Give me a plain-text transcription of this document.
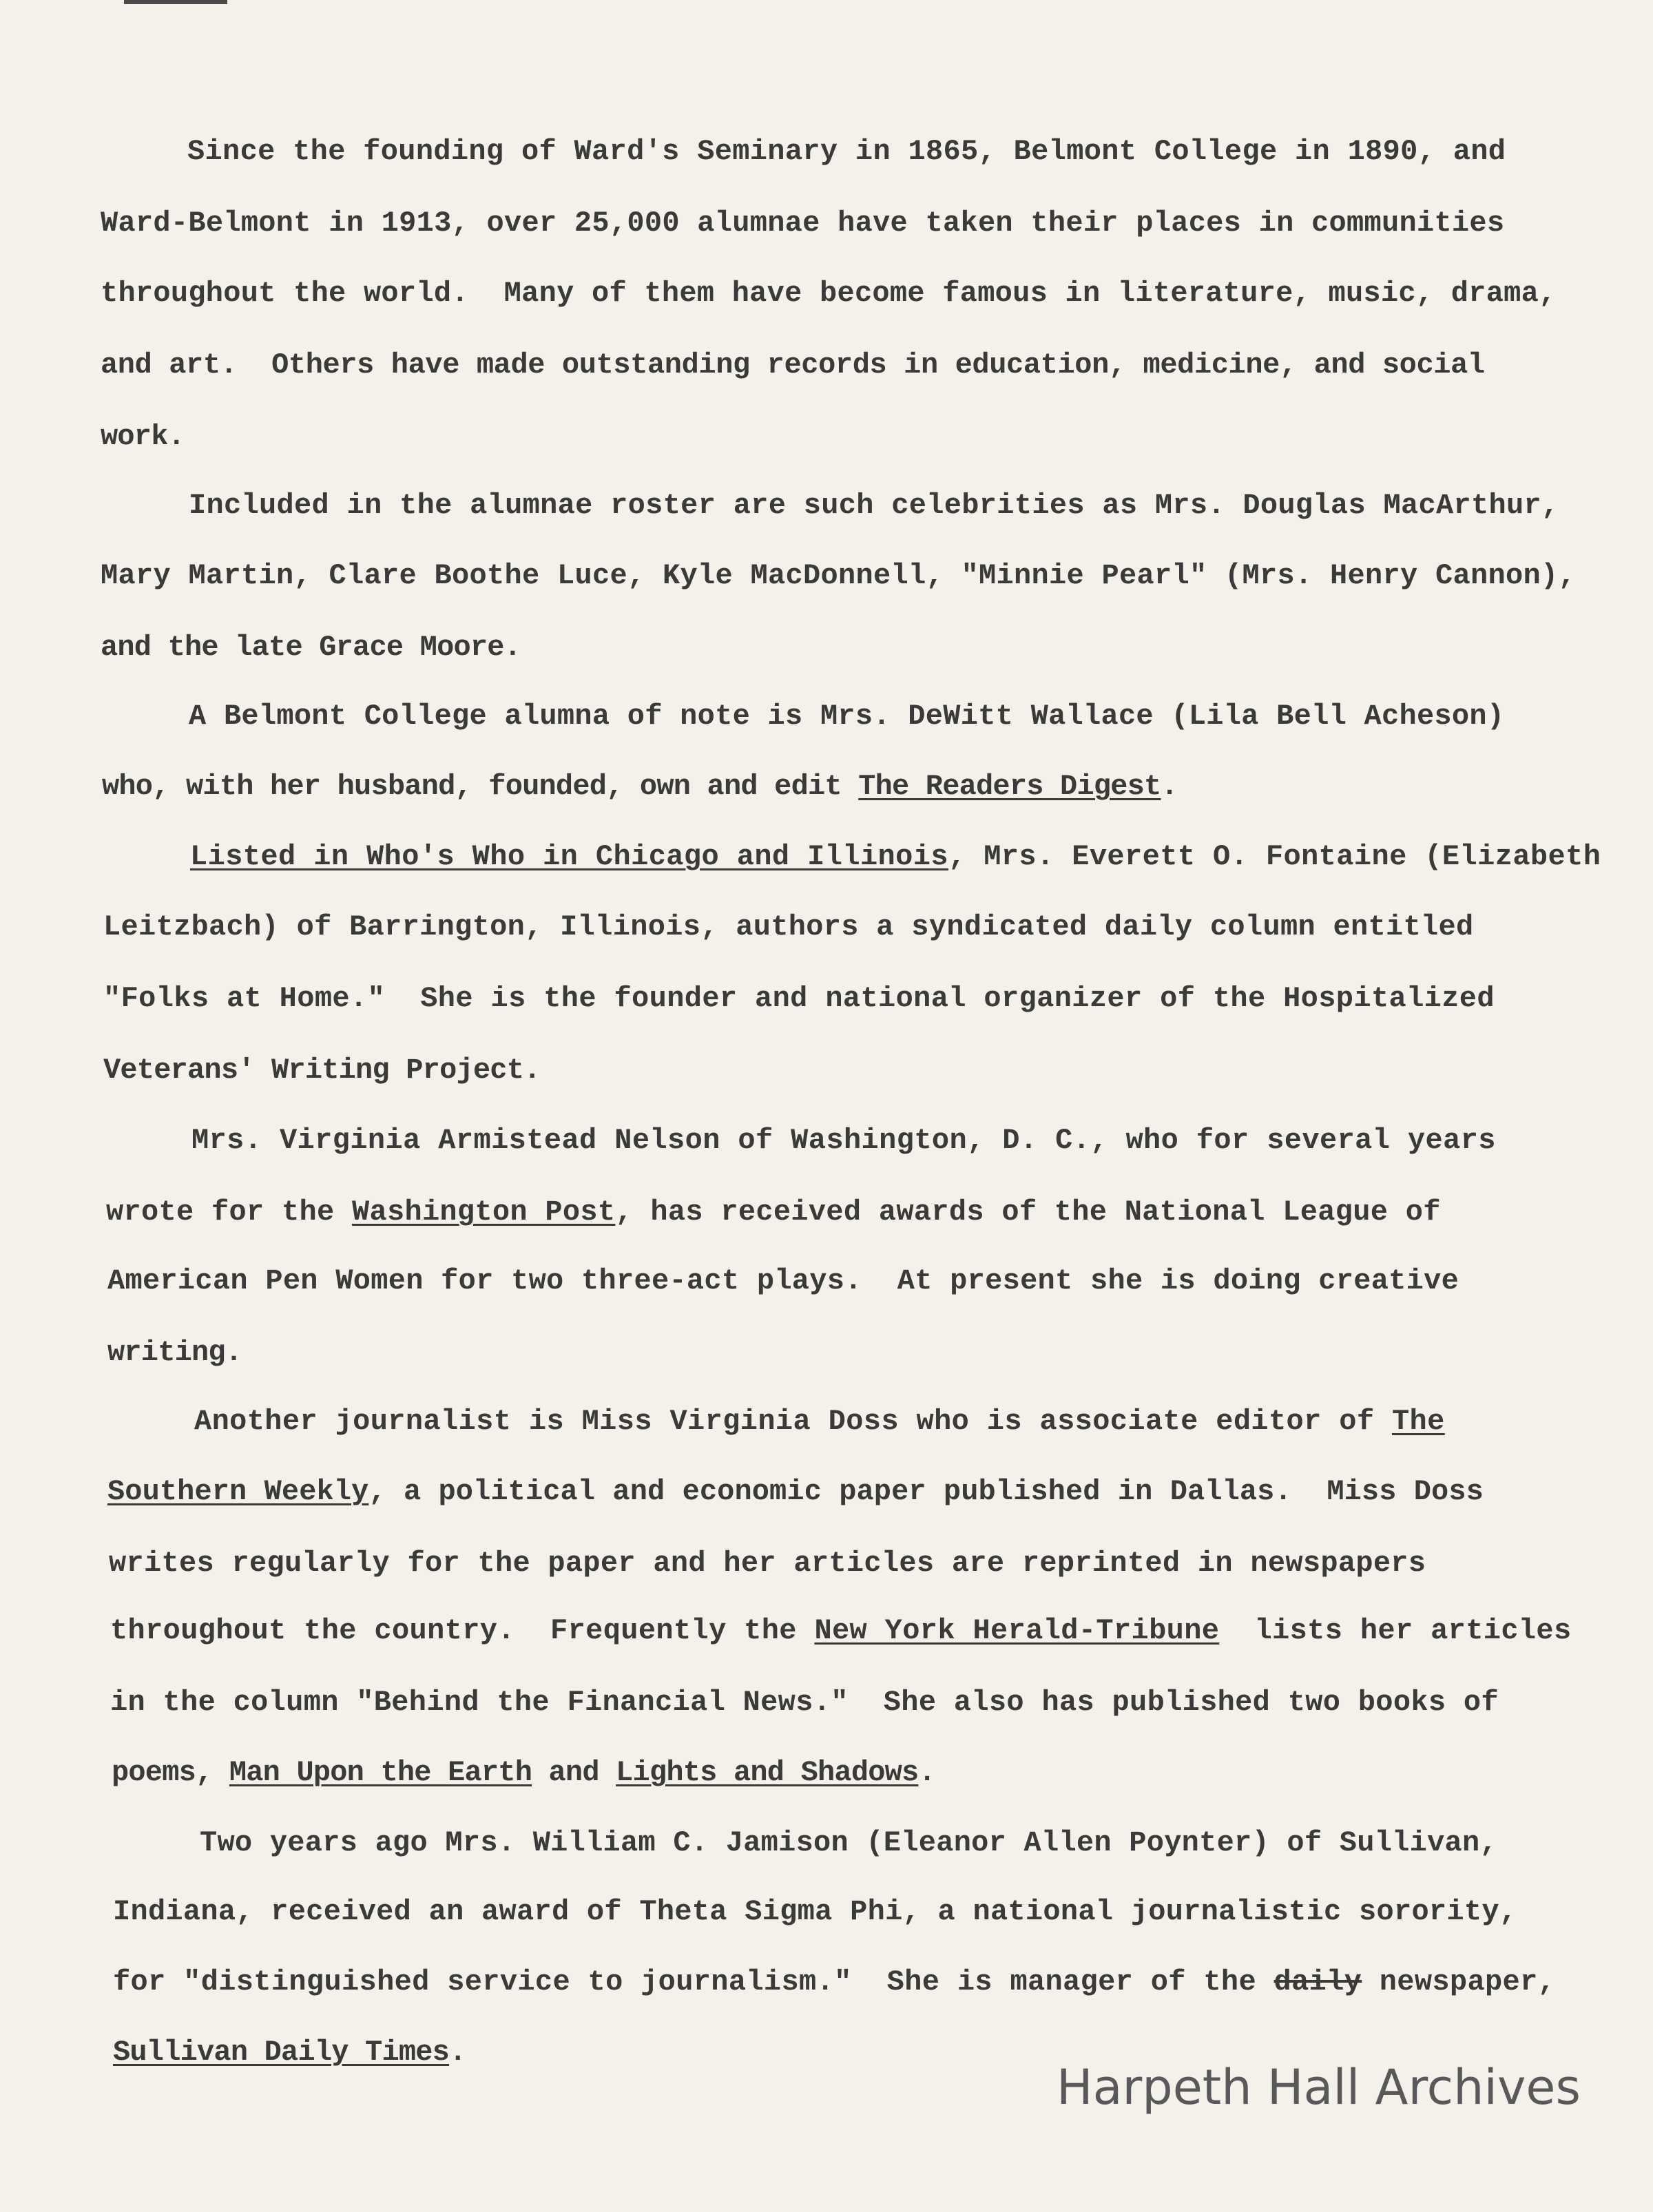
Since the founding of Ward's Seminary in 1865, Belmont College in 1890, and
Ward-Belmont in 1913, over 25,000 alumnae have taken their places in communities
throughout the world.  Many of them have become famous in literature, music, drama,
and art.  Others have made outstanding records in education, medicine, and social
work.
Included in the alumnae roster are such celebrities as Mrs. Douglas MacArthur,
Mary Martin, Clare Boothe Luce, Kyle MacDonnell, "Minnie Pearl" (Mrs. Henry Cannon),
and the late Grace Moore.
A Belmont College alumna of note is Mrs. DeWitt Wallace (Lila Bell Acheson)
who, with her husband, founded, own and edit The Readers Digest.
Listed in Who's Who in Chicago and Illinois, Mrs. Everett O. Fontaine (Elizabeth
Leitzbach) of Barrington, Illinois, authors a syndicated daily column entitled
"Folks at Home."  She is the founder and national organizer of the Hospitalized
Veterans' Writing Project.
Mrs. Virginia Armistead Nelson of Washington, D. C., who for several years
wrote for the Washington Post, has received awards of the National League of
American Pen Women for two three-act plays.  At present she is doing creative
writing.
Another journalist is Miss Virginia Doss who is associate editor of The
Southern Weekly, a political and economic paper published in Dallas.  Miss Doss
writes regularly for the paper and her articles are reprinted in newspapers
throughout the country.  Frequently the New York Herald-Tribune  lists her articles
in the column "Behind the Financial News."  She also has published two books of
poems, Man Upon the Earth and Lights and Shadows.
Two years ago Mrs. William C. Jamison (Eleanor Allen Poynter) of Sullivan,
Indiana, received an award of Theta Sigma Phi, a national journalistic sorority,
for "distinguished service to journalism."  She is manager of the daily newspaper,
Sullivan Daily Times.
Harpeth Hall Archives
